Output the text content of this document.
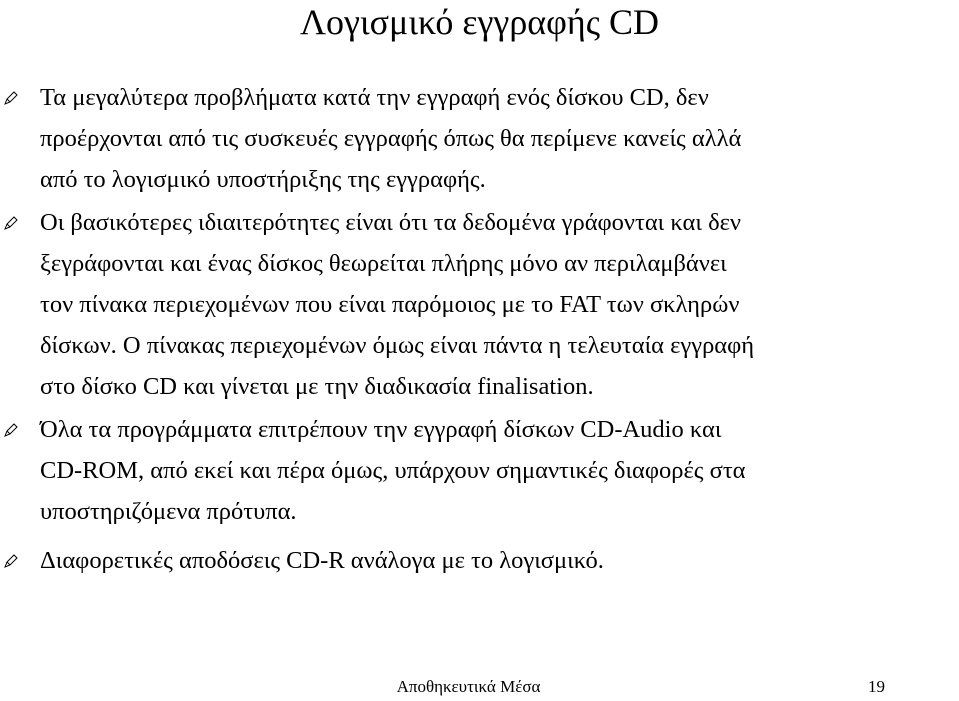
Λογισμικό εγγραφής CD
Τα μεγαλύτερα προβλήματα κατά την εγγραφή ενός δίσκου CD, δεν
προέρχονται από τις συσκευές εγγραφής όπως θα περίμενε κανείς αλλά
από το λογισμικό υποστήριξης της εγγραφής.
Οι βασικότερες ιδιαιτερότητες είναι ότι τα δεδομένα γράφονται και δεν
ξεγράφονται και ένας δίσκος θεωρείται πλήρης μόνο αν περιλαμβάνει
τον πίνακα περιεχομένων που είναι παρόμοιος με το FAT των σκληρών
δίσκων. Ο πίνακας περιεχομένων όμως είναι πάντα η τελευταία εγγραφή
στο δίσκο CD και γίνεται με την διαδικασία finalisation.
Όλα τα προγράμματα επιτρέπουν την εγγραφή δίσκων CD-Audio και
CD-ROM, από εκεί και πέρα όμως, υπάρχουν σημαντικές διαφορές στα
υποστηριζόμενα πρότυπα.
Διαφορετικές αποδόσεις CD-R ανάλογα με το λογισμικό.
Αποθηκευτικά Μέσα	19
